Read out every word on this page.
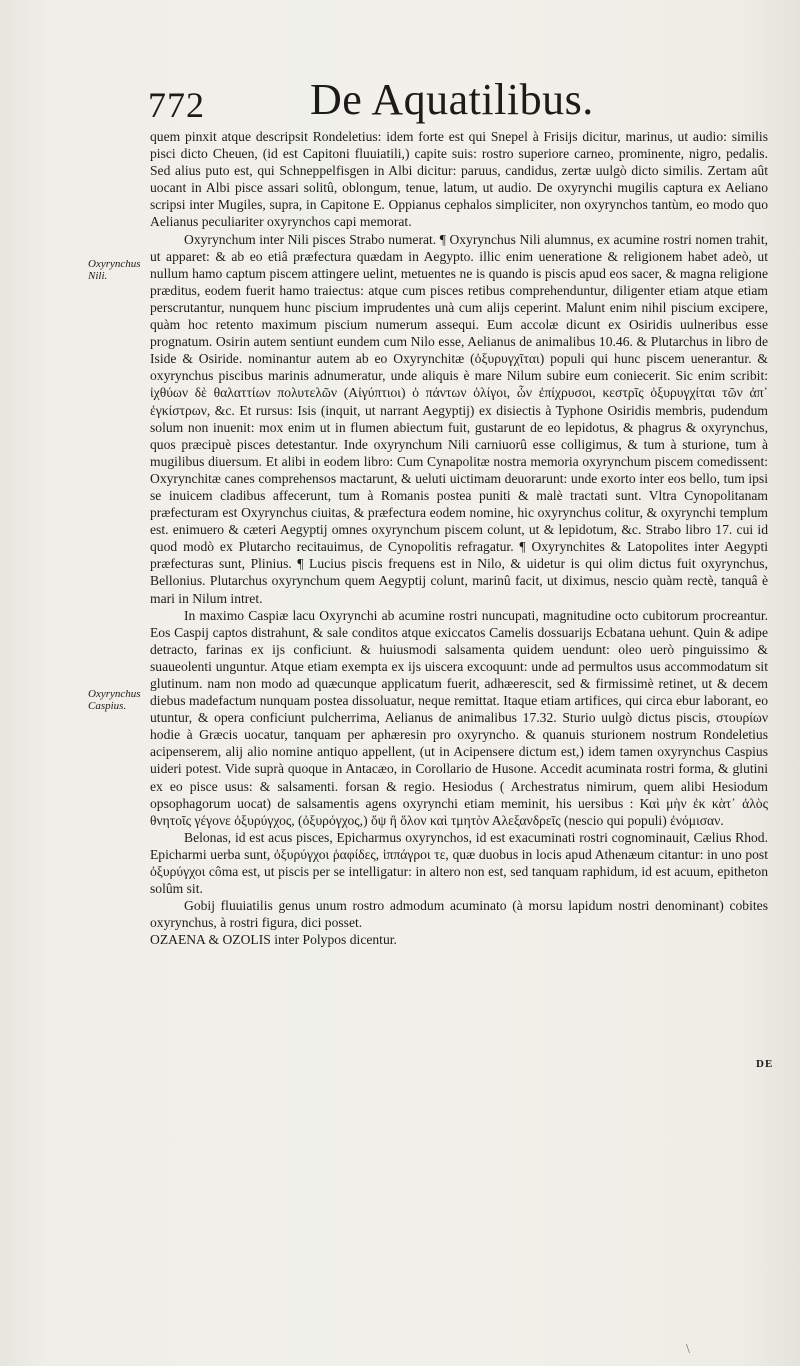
772 De Aquatilibus.
Oxyrynchus Nili.
Oxyrynchus Caspius.

quem pinxit atque descripsit Rondeletius: idem forte est qui Snepel à Frisijs dicitur, marinus, ut audio: similis pisci dicto Cheuen, (id est Capitoni fluuiatili,) capite suis: rostro superiore carneo, prominente, nigro, pedalis. Sed alius puto est, qui Schneppelfisgen in Albi dicitur: paruus, candidus, zertæ uulgò dicto similis. Zertam aût uocant in Albi pisce assari solitû, oblongum, tenue, latum, ut audio. De oxyrynchi mugilis captura ex Aeliano scripsi inter Mugiles, supra, in Capitone E. Oppianus cephalos simpliciter, non oxyrynchos tantùm, eo modo quo Aelianus peculiariter oxyrynchos capi memorat.

Oxyrynchum inter Nili pisces Strabo numerat. ¶ Oxyrynchus Nili alumnus, ex acumine rostri nomen trahit, ut apparet: & ab eo etiâ præfectura quædam in Aegypto. illic enim ueneratione & religionem habet adeò, ut nullum hamo captum piscem attingere uelint, metuentes ne is quando is piscis apud eos sacer, & magna religione præditus, eodem fuerit hamo traiectus: atque cum pisces retibus comprehenduntur, diligenter etiam atque etiam perscrutantur, nunquem hunc piscium imprudentes unà cum alijs ceperint. Malunt enim nihil piscium excipere, quàm hoc retento maximum piscium numerum assequi. Eum accolæ dicunt ex Osiridis uulneribus esse prognatum. Osirin autem sentiunt eundem cum Nilo esse, Aelianus de animalibus 10.46. & Plutarchus in libro de Iside & Osiride. nominantur autem ab eo Oxyrynchitæ (ὀξυρυγχῖται) populi qui hunc piscem uenerantur. & oxyrynchus piscibus marinis adnumeratur, unde aliquis è mare Nilum subire eum coniecerit. Sic enim scribit: ἰχθύων δὲ θαλαττίων πολυτελῶν (Αἰγύπτιοι) ὁ πάντων ὁλίγοι, ὧν ἐπίχρυσοι, κεστρῖς ὀξυρυγχίται τῶν ἀπ᾽ ἐγκίστρων, &c. Et rursus: Isis (inquit, ut narrant Aegyptij) ex disiectis à Typhone Osiridis membris, pudendum solum non inuenit: mox enim ut in flumen abiectum fuit, gustarunt de eo lepidotus, & phagrus & oxyrynchus, quos præcipuè pisces detestantur. Inde oxyrynchum Nili carniuorû esse colligimus, & tum à sturione, tum à mugilibus diuersum. Et alibi in eodem libro: Cum Cynapolitæ nostra memoria oxyrynchum piscem comedissent: Oxyrynchitæ canes comprehensos mactarunt, & ueluti uictimam deuorarunt: unde exorto inter eos bello, tum ipsi se inuicem cladibus affecerunt, tum à Romanis postea puniti & malè tractati sunt. Vltra Cynopolitanam præfecturam est Oxyrynchus ciuitas, & præfectura eodem nomine, hic oxyrynchus colitur, & oxyrynchi templum est. enimuero & cæteri Aegyptij omnes oxyrynchum piscem colunt, ut & lepidotum, &c. Strabo libro 17. cui id quod modò ex Plutarcho recitauimus, de Cynopolitis refragatur. ¶ Oxyrynchites & Latopolites inter Aegypti præfecturas sunt, Plinius. ¶ Lucius piscis frequens est in Nilo, & uidetur is qui olim dictus fuit oxyrynchus, Bellonius. Plutarchus oxyrynchum quem Aegyptij colunt, marinû facit, ut diximus, nescio quàm rectè, tanquâ è mari in Nilum intret.

In maximo Caspiæ lacu Oxyrynchi ab acumine rostri nuncupati, magnitudine octo cubitorum procreantur. Eos Caspij captos distrahunt, & sale conditos atque exiccatos Camelis dossuarijs Ecbatana uehunt. Quin & adipe detracto, farinas ex ijs conficiunt. & huiusmodi salsamenta quidem uendunt: oleo uerò pinguissimo & suaueolenti unguntur. Atque etiam exempta ex ijs uiscera excoquunt: unde ad permultos usus accommodatum sit glutinum. nam non modo ad quæcunque applicatum fuerit, adhæerescit, sed & firmissimè retinet, ut & decem diebus madefactum nunquam postea dissoluatur, neque remittat. Itaque etiam artifices, qui circa ebur laborant, eo utuntur, & opera conficiunt pulcherrima, Aelianus de animalibus 17.32. Sturio uulgò dictus piscis, στουρίων hodie à Græcis uocatur, tanquam per aphæresin pro oxyrynchο. & quanuis sturionem nostrum Rondeletius acipenserem, alij alio nomine antiquo appellent, (ut in Acipensere dictum est,) idem tamen oxyrynchus Caspius uideri potest. Vide suprà quoque in Antacæo, in Corollario de Husone. Accedit acuminata rostri forma, & glutini ex eo pisce usus: & salsamenti. forsan & regio. Hesiodus ( Archestratus nimirum, quem alibi Hesiodum opsophagorum uocat) de salsamentis agens oxyrynchi etiam meminit, his uersibus : Καὶ μὴν ἐκ κὰτ᾽ ἀλὸς θνητοῖς γέγονε ὀξυρύγχος, (ὀξυρόγχος,) ὄψ ἢ ὅλον καὶ τμητὸν Αλεξανδρεῖς (nescio qui populi) ἐνόμισαν.

Belonas, id est acus pisces, Epicharmus oxyrynchos, id est exacuminati rostri cognominauit, Cælius Rhod. Epicharmi uerba sunt, ὀξυρύγχοι ῥαφίδες, ἱππάγροι τε, quæ duobus in locis apud Athenæum citantur: in uno post ὀξυρύγχοι côma est, ut piscis per se intelligatur: in altero non est, sed tanquam raphidum, id est acuum, epitheton solûm sit.

Gobij fluuiatilis genus unum rostro admodum acuminato (à morsu lapidum nostri denominant) cobites oxyrynchus, à rostri figura, dici posset.

OZAENA & OZOLIS inter Polypos dicentur.

DE
\
